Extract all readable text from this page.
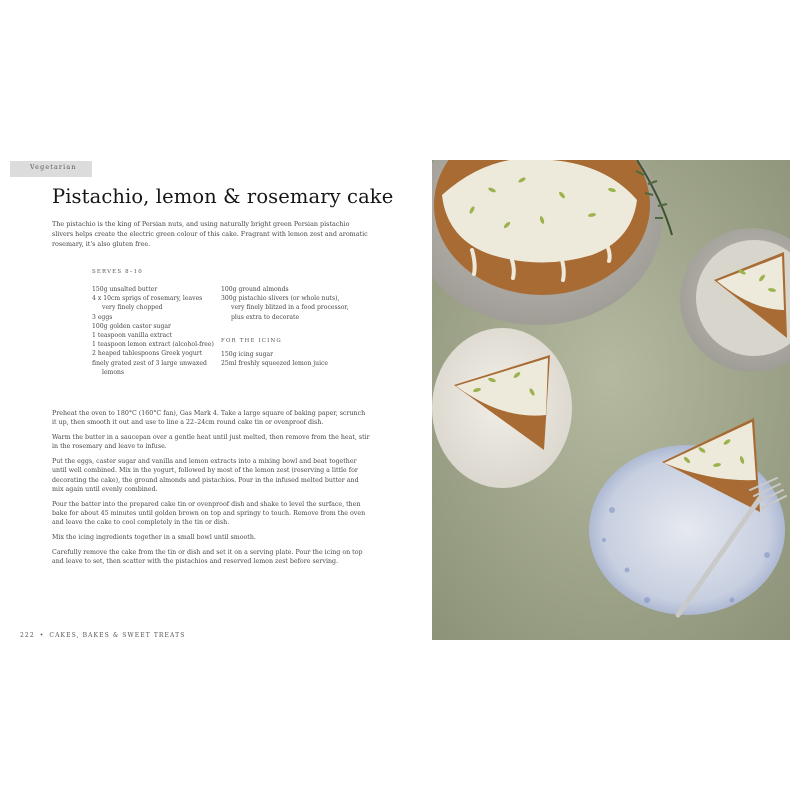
Vegetarian
Pistachio, lemon & rosemary cake

The pistachio is the king of Persian nuts, and using naturally bright green Persian pistachio slivers helps create the electric green colour of this cake. Fragrant with lemon zest and aromatic rosemary, it's also gluten free.

SERVES 8–10
150g unsalted butter
4 x 10cm sprigs of rosemary, leaves very finely chopped
3 eggs
100g golden caster sugar
1 teaspoon vanilla extract
1 teaspoon lemon extract (alcohol-free)
2 heaped tablespoons Greek yogurt
finely grated zest of 3 large unwaxed lemons
100g ground almonds
300g pistachio slivers (or whole nuts), very finely blitzed in a food processor, plus extra to decorate
FOR THE ICING
150g icing sugar
25ml freshly squeezed lemon juice

Preheat the oven to 180°C (160°C fan), Gas Mark 4. Take a large square of baking paper, scrunch it up, then smooth it out and use to line a 22–24cm round cake tin or ovenproof dish.

Warm the butter in a saucepan over a gentle heat until just melted, then remove from the heat, stir in the rosemary and leave to infuse.

Put the eggs, caster sugar and vanilla and lemon extracts into a mixing bowl and beat together until well combined. Mix in the yogurt, followed by most of the lemon zest (reserving a little for decorating the cake), the ground almonds and pistachios. Pour in the infused melted butter and mix again until evenly combined.

Pour the batter into the prepared cake tin or ovenproof dish and shake to level the surface, then bake for about 45 minutes until golden brown on top and springy to touch. Remove from the oven and leave the cake to cool completely in the tin or dish.

Mix the icing ingredients together in a small bowl until smooth.

Carefully remove the cake from the tin or dish and set it on a serving plate. Pour the icing on top and leave to set, then scatter with the pistachios and reserved lemon zest before serving.

222 • CAKES, BAKES & SWEET TREATS
